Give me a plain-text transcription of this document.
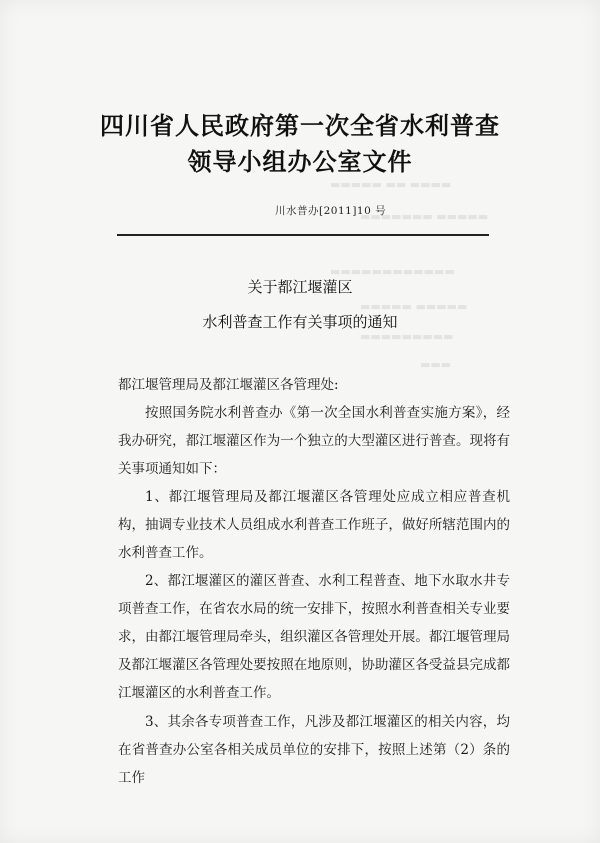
▬▬▬▬▬ ▬▬ ▬▬▬▬
▬▬▬▬▬▬▬ ▬▬▬▬▬
▬▬▬▬▬▬▬▬▬▬▬▬
▬▬▬▬▬ ▬▬▬▬▬
▬▬▬▬▬▬▬▬▬
▬▬▬
四川省人民政府第一次全省水利普查
领导小组办公室文件
川水普办[2011]10 号
关于都江堰灌区
水利普查工作有关事项的通知
都江堰管理局及都江堰灌区各管理处:

按照国务院水利普查办《第一次全国水利普查实施方案》，经我办研究，都江堰灌区作为一个独立的大型灌区进行普查。现将有关事项通知如下：

1、都江堰管理局及都江堰灌区各管理处应成立相应普查机构，抽调专业技术人员组成水利普查工作班子，做好所辖范围内的水利普查工作。

2、都江堰灌区的灌区普查、水利工程普查、地下水取水井专项普查工作，在省农水局的统一安排下，按照水利普查相关专业要求，由都江堰管理局牵头，组织灌区各管理处开展。都江堰管理局及都江堰灌区各管理处要按照在地原则，协助灌区各受益县完成都江堰灌区的水利普查工作。

3、其余各专项普查工作，凡涉及都江堰灌区的相关内容，均在省普查办公室各相关成员单位的安排下，按照上述第（2）条的工作
